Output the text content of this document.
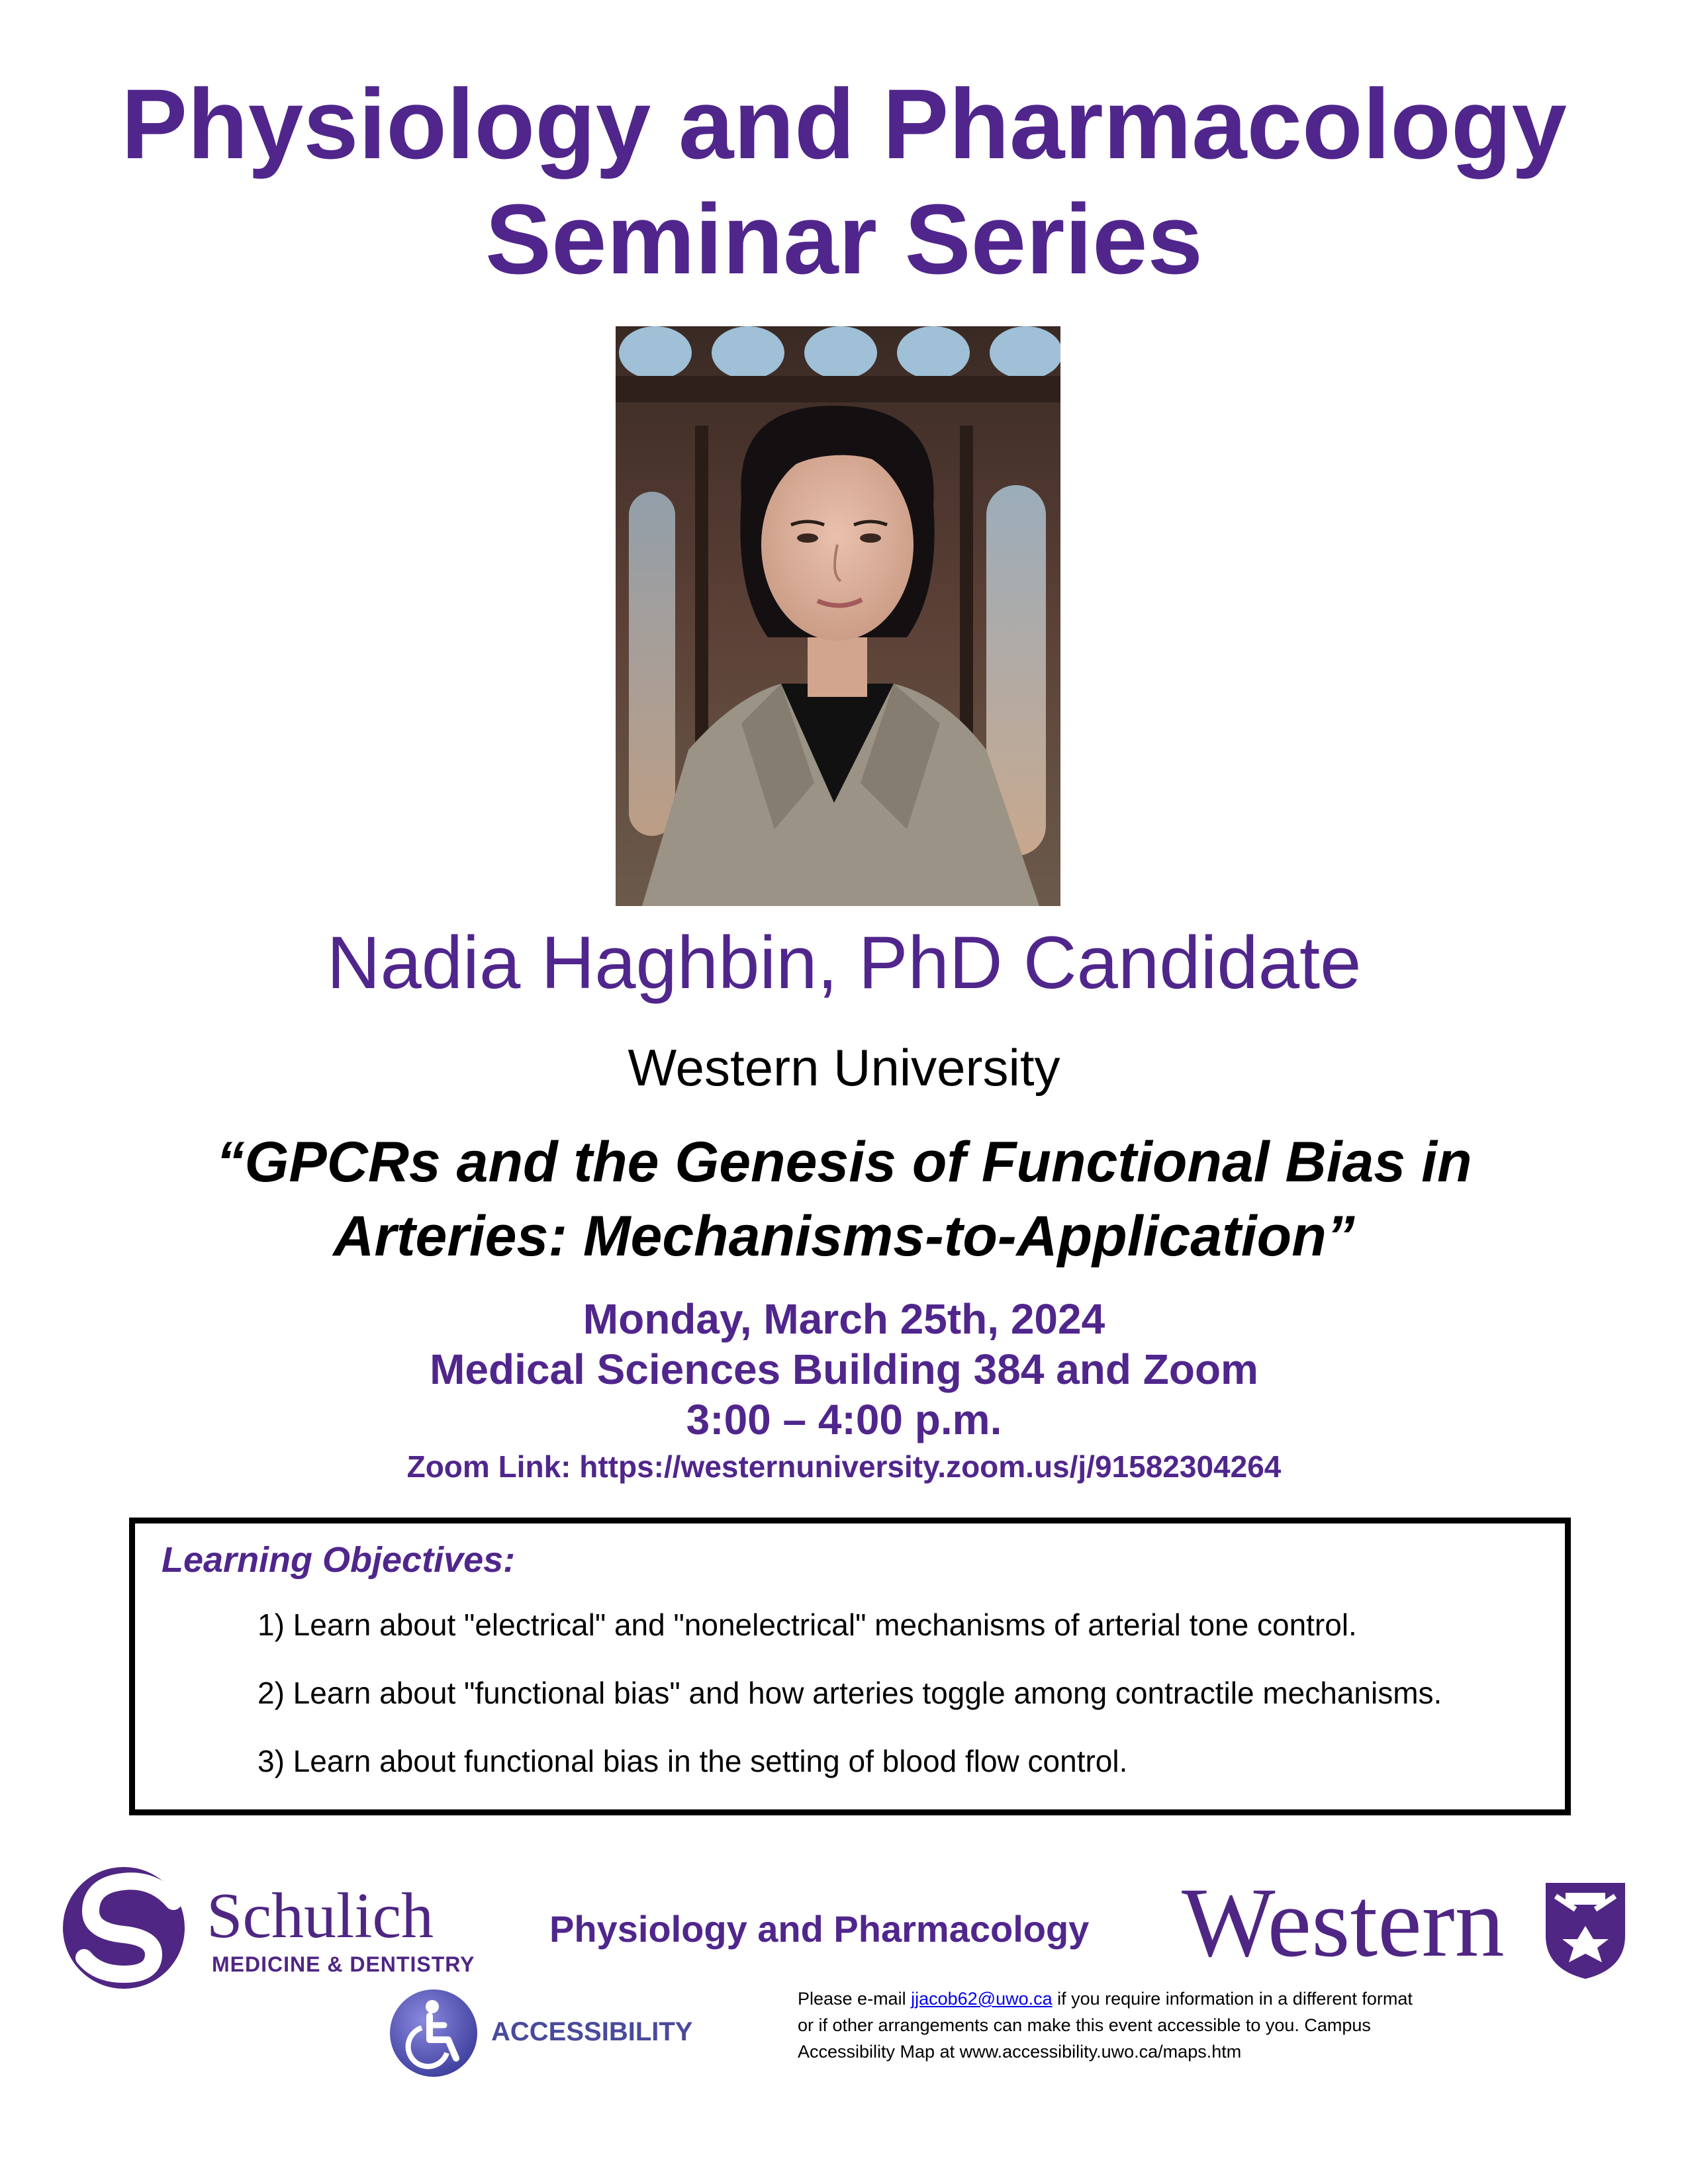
Physiology and Pharmacology
Seminar Series
Nadia Haghbin, PhD Candidate
Western University
“GPCRs and the Genesis of Functional Bias in
Arteries: Mechanisms-to-Application”
Monday, March 25th, 2024
Medical Sciences Building 384 and Zoom
3:00 – 4:00 p.m.
Zoom Link: https://westernuniversity.zoom.us/j/91582304264
Learning Objectives:
1) Learn about "electrical" and "nonelectrical" mechanisms of arterial tone control.
2) Learn about "functional bias" and how arteries toggle among contractile mechanisms.
3) Learn about functional bias in the setting of blood flow control.
Schulich
MEDICINE & DENTISTRY
Physiology and Pharmacology Western
ACCESSIBILITY
Please e-mail jjacob62@uwo.ca if you require information in a different format
or if other arrangements can make this event accessible to you. Campus
Accessibility Map at www.accessibility.uwo.ca/maps.htm
